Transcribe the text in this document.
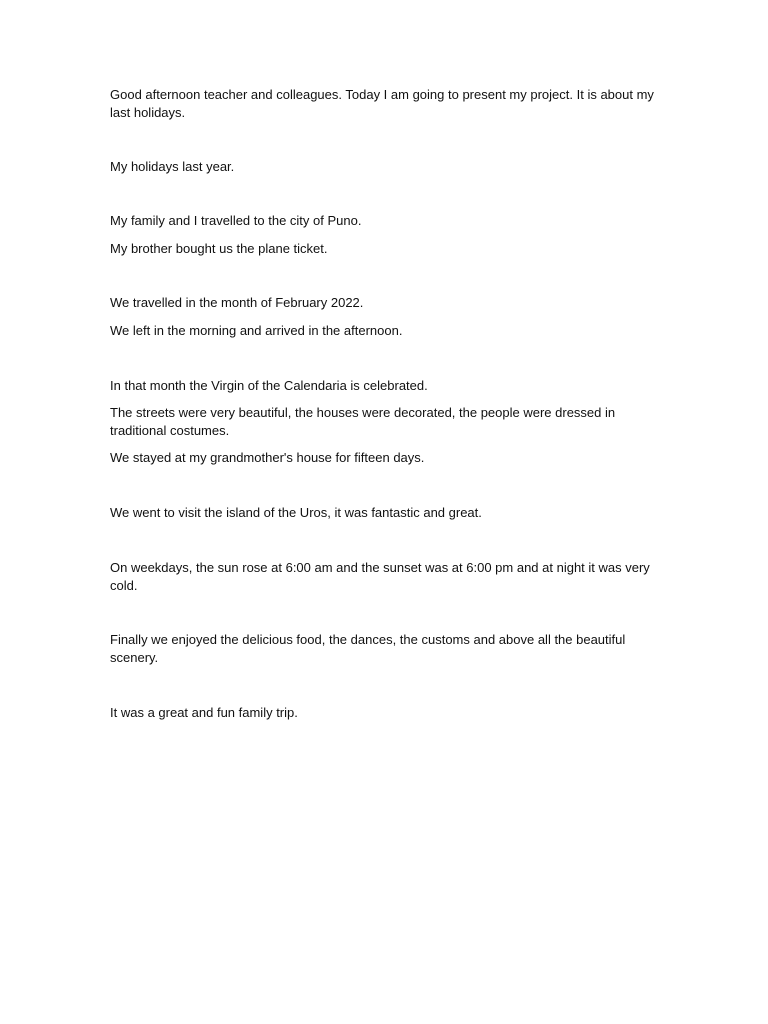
Good afternoon teacher and colleagues. Today I am going to present my project. It is about my last holidays.

My holidays last year.

My family and I travelled to the city of Puno.

My brother bought us the plane ticket.

We travelled in the month of February 2022.

We left in the morning and arrived in the afternoon.

In that month the Virgin of the Calendaria is celebrated.

The streets were very beautiful, the houses were decorated, the people were dressed in traditional costumes.

We stayed at my grandmother's house for fifteen days.

We went to visit the island of the Uros, it was fantastic and great.

On weekdays, the sun rose at 6:00 am and the sunset was at 6:00 pm and at night it was very cold.

Finally we enjoyed the delicious food, the dances, the customs and above all the beautiful scenery.

It was a great and fun family trip.
